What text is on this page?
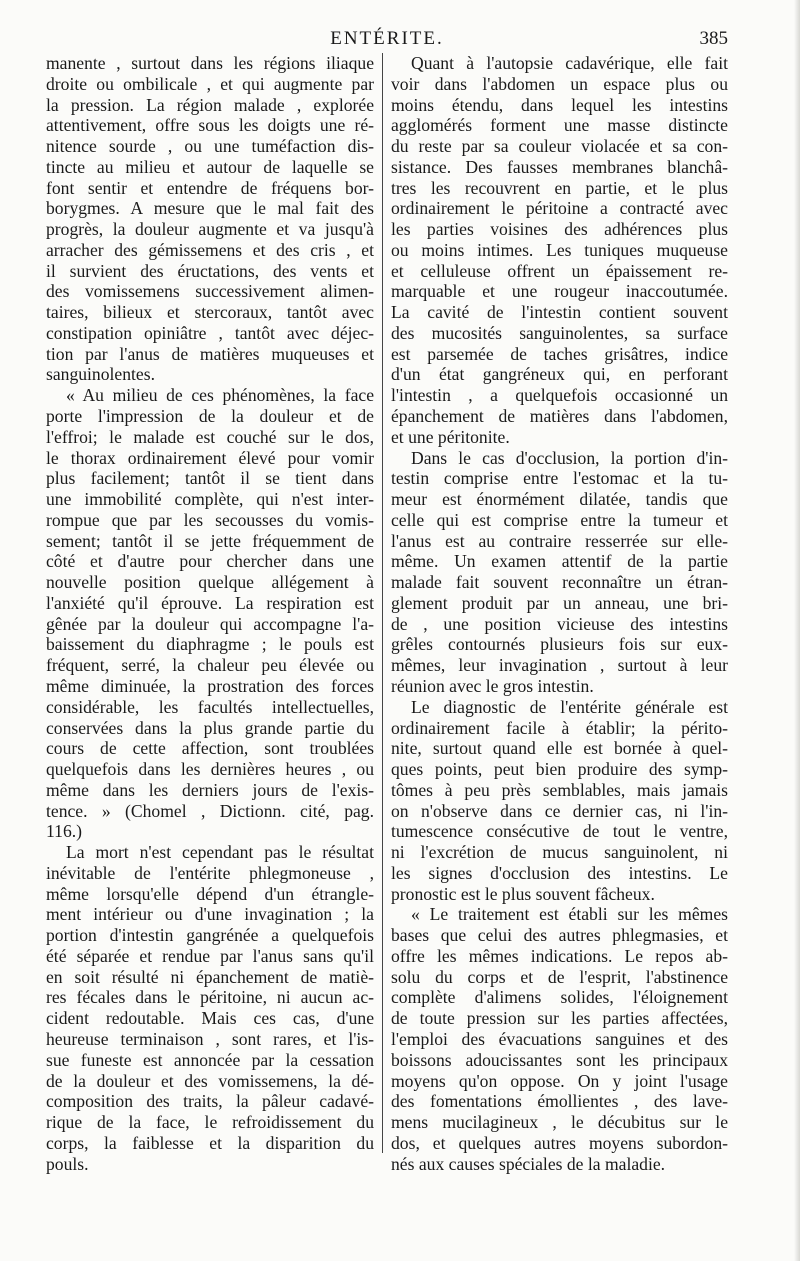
ENTÉRITE.	385
manente , surtout dans les régions iliaque
droite ou ombilicale , et qui augmente par
la pression. La région malade , explorée
attentivement, offre sous les doigts une ré-
nitence sourde , ou une tuméfaction dis-
tincte au milieu et autour de laquelle se
font sentir et entendre de fréquens bor-
borygmes. A mesure que le mal fait des
progrès, la douleur augmente et va jusqu'à
arracher des gémissemens et des cris , et
il survient des éructations, des vents et
des vomissemens successivement alimen-
taires, bilieux et stercoraux, tantôt avec
constipation opiniâtre , tantôt avec déjec-
tion par l'anus de matières muqueuses et
sanguinolentes.
« Au milieu de ces phénomènes, la face
porte l'impression de la douleur et de
l'effroi; le malade est couché sur le dos,
le thorax ordinairement élevé pour vomir
plus facilement; tantôt il se tient dans
une immobilité complète, qui n'est inter-
rompue que par les secousses du vomis-
sement; tantôt il se jette fréquemment de
côté et d'autre pour chercher dans une
nouvelle position quelque allégement à
l'anxiété qu'il éprouve. La respiration est
gênée par la douleur qui accompagne l'a-
baissement du diaphragme ; le pouls est
fréquent, serré, la chaleur peu élevée ou
même diminuée, la prostration des forces
considérable, les facultés intellectuelles,
conservées dans la plus grande partie du
cours de cette affection, sont troublées
quelquefois dans les dernières heures , ou
même dans les derniers jours de l'exis-
tence. » (Chomel , Dictionn. cité, pag.
116.)
La mort n'est cependant pas le résultat
inévitable de l'entérite phlegmoneuse ,
même lorsqu'elle dépend d'un étrangle-
ment intérieur ou d'une invagination ; la
portion d'intestin gangrénée a quelquefois
été séparée et rendue par l'anus sans qu'il
en soit résulté ni épanchement de matiè-
res fécales dans le péritoine, ni aucun ac-
cident redoutable. Mais ces cas, d'une
heureuse terminaison , sont rares, et l'is-
sue funeste est annoncée par la cessation
de la douleur et des vomissemens, la dé-
composition des traits, la pâleur cadavé-
rique de la face, le refroidissement du
corps, la faiblesse et la disparition du
pouls.
Quant à l'autopsie cadavérique, elle fait
voir dans l'abdomen un espace plus ou
moins étendu, dans lequel les intestins
agglomérés forment une masse distincte
du reste par sa couleur violacée et sa con-
sistance. Des fausses membranes blanchâ-
tres les recouvrent en partie, et le plus
ordinairement le péritoine a contracté avec
les parties voisines des adhérences plus
ou moins intimes. Les tuniques muqueuse
et celluleuse offrent un épaissement re-
marquable et une rougeur inaccoutumée.
La cavité de l'intestin contient souvent
des mucosités sanguinolentes, sa surface
est parsemée de taches grisâtres, indice
d'un état gangréneux qui, en perforant
l'intestin , a quelquefois occasionné un
épanchement de matières dans l'abdomen,
et une péritonite.
Dans le cas d'occlusion, la portion d'in-
testin comprise entre l'estomac et la tu-
meur est énormément dilatée, tandis que
celle qui est comprise entre la tumeur et
l'anus est au contraire resserrée sur elle-
même. Un examen attentif de la partie
malade fait souvent reconnaître un étran-
glement produit par un anneau, une bri-
de , une position vicieuse des intestins
grêles contournés plusieurs fois sur eux-
mêmes, leur invagination , surtout à leur
réunion avec le gros intestin.
Le diagnostic de l'entérite générale est
ordinairement facile à établir; la périto-
nite, surtout quand elle est bornée à quel-
ques points, peut bien produire des symp-
tômes à peu près semblables, mais jamais
on n'observe dans ce dernier cas, ni l'in-
tumescence consécutive de tout le ventre,
ni l'excrétion de mucus sanguinolent, ni
les signes d'occlusion des intestins. Le
pronostic est le plus souvent fâcheux.
« Le traitement est établi sur les mêmes
bases que celui des autres phlegmasies, et
offre les mêmes indications. Le repos ab-
solu du corps et de l'esprit, l'abstinence
complète d'alimens solides, l'éloignement
de toute pression sur les parties affectées,
l'emploi des évacuations sanguines et des
boissons adoucissantes sont les principaux
moyens qu'on oppose. On y joint l'usage
des fomentations émollientes , des lave-
mens mucilagineux , le décubitus sur le
dos, et quelques autres moyens subordon-
nés aux causes spéciales de la maladie.
